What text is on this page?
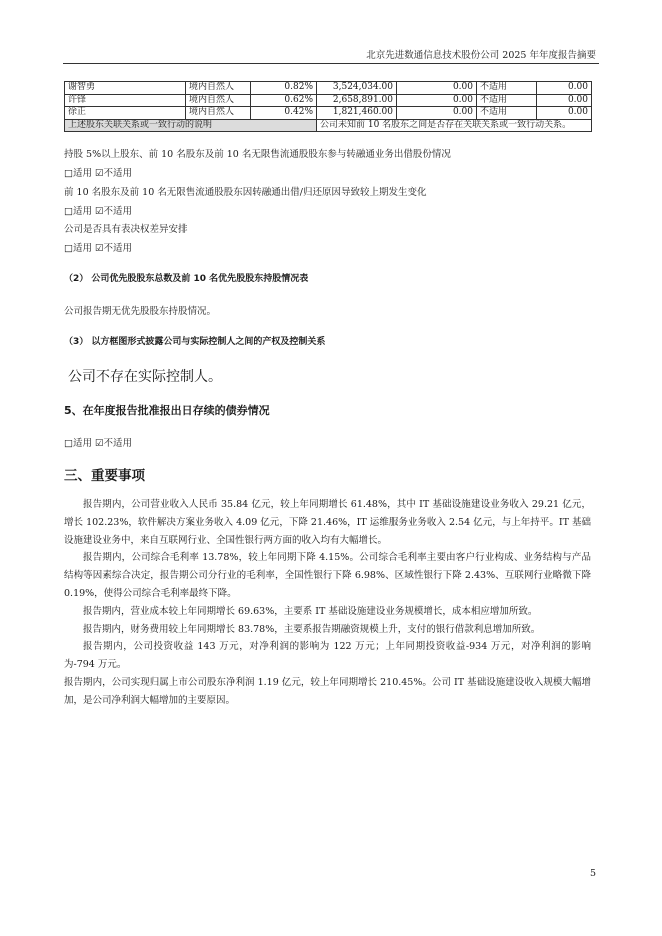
北京先进数通信息技术股份公司 2025 年年度报告摘要
谢智勇	境内自然人	0.82%	3,524,034.00	0.00	不适用	0.00
许锋	境内自然人	0.62%	2,658,891.00	0.00	不适用	0.00
徐正	境内自然人	0.42%	1,821,460.00	0.00	不适用	0.00
上述股东关联关系或一致行动的说明			公司未知前 10 名股东之间是否存在关联关系或一致行动关系。			
持股 5%以上股东、前 10 名股东及前 10 名无限售流通股股东参与转融通业务出借股份情况
□适用 ☑不适用
前 10 名股东及前 10 名无限售流通股股东因转融通出借/归还原因导致较上期发生变化
□适用 ☑不适用
公司是否具有表决权差异安排
□适用 ☑不适用
（2） 公司优先股股东总数及前 10 名优先股股东持股情况表
公司报告期无优先股股东持股情况。
（3） 以方框图形式披露公司与实际控制人之间的产权及控制关系
公司不存在实际控制人。
5、在年度报告批准报出日存续的债券情况
□适用 ☑不适用
三、重要事项

报告期内，公司营业收入人民币 35.84 亿元，较上年同期增长 61.48%，其中 IT 基础设施建设业务收入 29.21 亿元，增长 102.23%，软件解决方案业务收入 4.09 亿元，下降 21.46%，IT 运维服务业务收入 2.54 亿元，与上年持平。IT 基础设施建设业务中，来自互联网行业、全国性银行两方面的收入均有大幅增长。

报告期内，公司综合毛利率 13.78%，较上年同期下降 4.15%。公司综合毛利率主要由客户行业构成、业务结构与产品结构等因素综合决定，报告期公司分行业的毛利率，全国性银行下降 6.98%、区域性银行下降 2.43%、互联网行业略微下降 0.19%，使得公司综合毛利率最终下降。

报告期内，营业成本较上年同期增长 69.63%，主要系 IT 基础设施建设业务规模增长，成本相应增加所致。

报告期内，财务费用较上年同期增长 83.78%，主要系报告期融资规模上升，支付的银行借款利息增加所致。

报告期内，公司投资收益 143 万元，对净利润的影响为 122 万元；上年同期投资收益-934 万元，对净利润的影响为-794 万元。

报告期内，公司实现归属上市公司股东净利润 1.19 亿元，较上年同期增长 210.45%。公司 IT 基础设施建设收入规模大幅增加，是公司净利润大幅增加的主要原因。

5
